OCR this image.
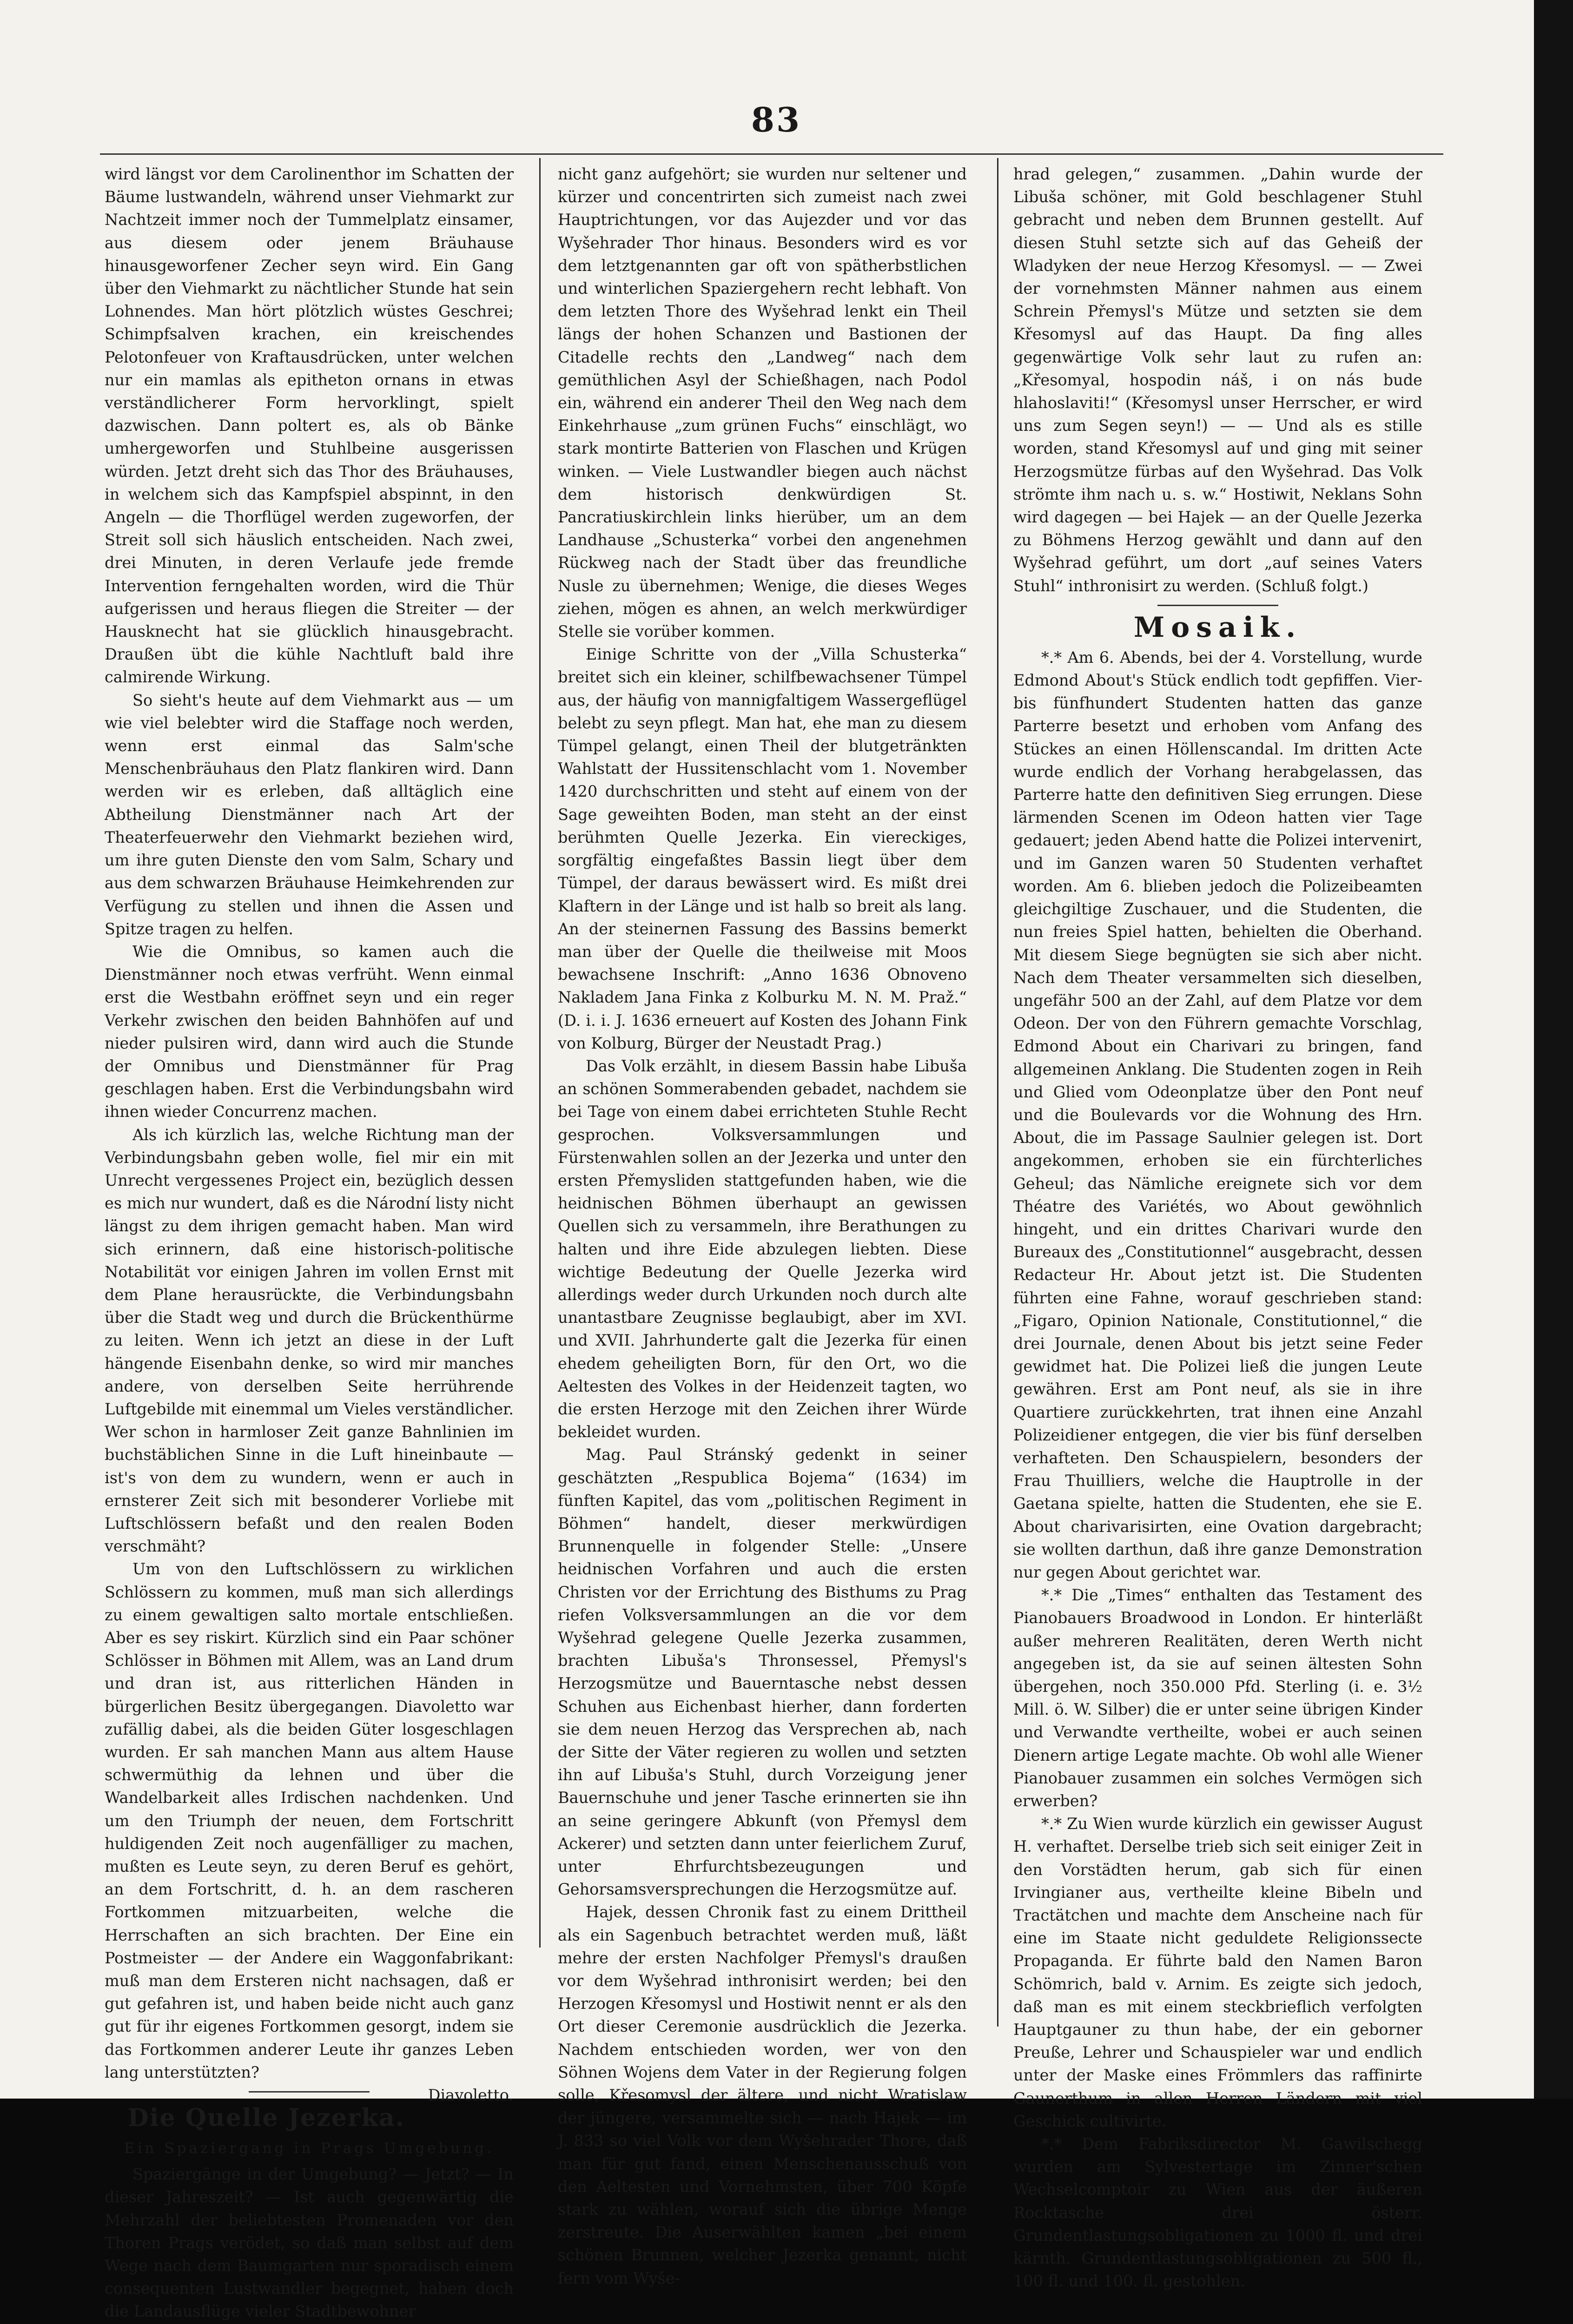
83

wird längst vor dem Carolinenthor im Schatten der Bäume lustwandeln, während unser Viehmarkt zur Nachtzeit immer noch der Tummelplatz einsamer, aus diesem oder jenem Bräuhause hinausgeworfener Zecher seyn wird. Ein Gang über den Viehmarkt zu nächtlicher Stunde hat sein Lohnendes. Man hört plötzlich wüstes Geschrei; Schimpfsalven krachen, ein kreischendes Pelotonfeuer von Kraftausdrücken, unter welchen nur ein mamlas als epitheton ornans in etwas verständlicherer Form hervorklingt, spielt dazwischen. Dann poltert es, als ob Bänke umhergeworfen und Stuhlbeine ausgerissen würden. Jetzt dreht sich das Thor des Bräuhauses, in welchem sich das Kampfspiel abspinnt, in den Angeln — die Thorflügel werden zugeworfen, der Streit soll sich häuslich entscheiden. Nach zwei, drei Minuten, in deren Verlaufe jede fremde Intervention ferngehalten worden, wird die Thür aufgerissen und heraus fliegen die Streiter — der Hausknecht hat sie glücklich hinausgebracht. Draußen übt die kühle Nachtluft bald ihre calmirende Wirkung.

So sieht's heute auf dem Viehmarkt aus — um wie viel belebter wird die Staffage noch werden, wenn erst einmal das Salm'sche Menschenbräuhaus den Platz flankiren wird. Dann werden wir es erleben, daß alltäglich eine Abtheilung Dienstmänner nach Art der Theaterfeuerwehr den Viehmarkt beziehen wird, um ihre guten Dienste den vom Salm, Schary und aus dem schwarzen Bräuhause Heimkehrenden zur Verfügung zu stellen und ihnen die Assen und Spitze tragen zu helfen.

Wie die Omnibus, so kamen auch die Dienstmänner noch etwas verfrüht. Wenn einmal erst die Westbahn eröffnet seyn und ein reger Verkehr zwischen den beiden Bahnhöfen auf und nieder pulsiren wird, dann wird auch die Stunde der Omnibus und Dienstmänner für Prag geschlagen haben. Erst die Verbindungsbahn wird ihnen wieder Concurrenz machen.

Als ich kürzlich las, welche Richtung man der Verbindungsbahn geben wolle, fiel mir ein mit Unrecht vergessenes Project ein, bezüglich dessen es mich nur wundert, daß es die Národní listy nicht längst zu dem ihrigen gemacht haben. Man wird sich erinnern, daß eine historisch-politische Notabilität vor einigen Jahren im vollen Ernst mit dem Plane herausrückte, die Verbindungsbahn über die Stadt weg und durch die Brückenthürme zu leiten. Wenn ich jetzt an diese in der Luft hängende Eisenbahn denke, so wird mir manches andere, von derselben Seite herrührende Luftgebilde mit einemmal um Vieles verständlicher. Wer schon in harmloser Zeit ganze Bahnlinien im buchstäblichen Sinne in die Luft hineinbaute — ist's von dem zu wundern, wenn er auch in ernsterer Zeit sich mit besonderer Vorliebe mit Luftschlössern befaßt und den realen Boden verschmäht?

Um von den Luftschlössern zu wirklichen Schlössern zu kommen, muß man sich allerdings zu einem gewaltigen salto mortale entschließen. Aber es sey riskirt. Kürzlich sind ein Paar schöner Schlösser in Böhmen mit Allem, was an Land drum und dran ist, aus ritterlichen Händen in bürgerlichen Besitz übergegangen. Diavoletto war zufällig dabei, als die beiden Güter losgeschlagen wurden. Er sah manchen Mann aus altem Hause schwermüthig da lehnen und über die Wandelbarkeit alles Irdischen nachdenken. Und um den Triumph der neuen, dem Fortschritt huldigenden Zeit noch augenfälliger zu machen, mußten es Leute seyn, zu deren Beruf es gehört, an dem Fortschritt, d. h. an dem rascheren Fortkommen mitzuarbeiten, welche die Herrschaften an sich brachten. Der Eine ein Postmeister — der Andere ein Waggonfabrikant: muß man dem Ersteren nicht nachsagen, daß er gut gefahren ist, und haben beide nicht auch ganz gut für ihr eigenes Fortkommen gesorgt, indem sie das Fortkommen anderer Leute ihr ganzes Leben lang unterstützten?

Diavoletto.
Die Quelle Jezerka.
Ein Spaziergang in Prags Umgebung.

Spaziergänge in der Umgebung? — Jetzt? — In dieser Jahreszeit? — Ist auch gegenwärtig die Mehrzahl der beliebtesten Promenaden vor den Thoren Prags verödet, so daß man selbst auf dem Wege nach dem Baumgarten nur sporadisch einem consequenten Lustwandler begegnet, haben doch die Landausflüge vieler Stadtbewohner

nicht ganz aufgehört; sie wurden nur seltener und kürzer und concentrirten sich zumeist nach zwei Hauptrichtungen, vor das Aujezder und vor das Wyšehrader Thor hinaus. Besonders wird es vor dem letztgenannten gar oft von spätherbstlichen und winterlichen Spaziergehern recht lebhaft. Von dem letzten Thore des Wyšehrad lenkt ein Theil längs der hohen Schanzen und Bastionen der Citadelle rechts den „Landweg“ nach dem gemüthlichen Asyl der Schießhagen, nach Podol ein, während ein anderer Theil den Weg nach dem Einkehrhause „zum grünen Fuchs“ einschlägt, wo stark montirte Batterien von Flaschen und Krügen winken. — Viele Lustwandler biegen auch nächst dem historisch denkwürdigen St. Pancratiuskirchlein links hierüber, um an dem Landhause „Schusterka“ vorbei den angenehmen Rückweg nach der Stadt über das freundliche Nusle zu übernehmen; Wenige, die dieses Weges ziehen, mögen es ahnen, an welch merkwürdiger Stelle sie vorüber kommen.

Einige Schritte von der „Villa Schusterka“ breitet sich ein kleiner, schilfbewachsener Tümpel aus, der häufig von mannigfaltigem Wassergeflügel belebt zu seyn pflegt. Man hat, ehe man zu diesem Tümpel gelangt, einen Theil der blutgetränkten Wahlstatt der Hussitenschlacht vom 1. November 1420 durchschritten und steht auf einem von der Sage geweihten Boden, man steht an der einst berühmten Quelle Jezerka. Ein viereckiges, sorgfältig eingefaßtes Bassin liegt über dem Tümpel, der daraus bewässert wird. Es mißt drei Klaftern in der Länge und ist halb so breit als lang. An der steinernen Fassung des Bassins bemerkt man über der Quelle die theilweise mit Moos bewachsene Inschrift: „Anno 1636 Obnoveno Nakladem Jana Finka z Kolburku M. N. M. Praž.“ (D. i. i. J. 1636 erneuert auf Kosten des Johann Fink von Kolburg, Bürger der Neustadt Prag.)

Das Volk erzählt, in diesem Bassin habe Libuša an schönen Sommerabenden gebadet, nachdem sie bei Tage von einem dabei errichteten Stuhle Recht gesprochen. Volksversammlungen und Fürstenwahlen sollen an der Jezerka und unter den ersten Přemysliden stattgefunden haben, wie die heidnischen Böhmen überhaupt an gewissen Quellen sich zu versammeln, ihre Berathungen zu halten und ihre Eide abzulegen liebten. Diese wichtige Bedeutung der Quelle Jezerka wird allerdings weder durch Urkunden noch durch alte unantastbare Zeugnisse beglaubigt, aber im XVI. und XVII. Jahrhunderte galt die Jezerka für einen ehedem geheiligten Born, für den Ort, wo die Aeltesten des Volkes in der Heidenzeit tagten, wo die ersten Herzoge mit den Zeichen ihrer Würde bekleidet wurden.

Mag. Paul Stránský gedenkt in seiner geschätzten „Respublica Bojema“ (1634) im fünften Kapitel, das vom „politischen Regiment in Böhmen“ handelt, dieser merkwürdigen Brunnenquelle in folgender Stelle: „Unsere heidnischen Vorfahren und auch die ersten Christen vor der Errichtung des Bisthums zu Prag riefen Volksversammlungen an die vor dem Wyšehrad gelegene Quelle Jezerka zusammen, brachten Libuša's Thronsessel, Přemysl's Herzogsmütze und Bauerntasche nebst dessen Schuhen aus Eichenbast hierher, dann forderten sie dem neuen Herzog das Versprechen ab, nach der Sitte der Väter regieren zu wollen und setzten ihn auf Libuša's Stuhl, durch Vorzeigung jener Bauernschuhe und jener Tasche erinnerten sie ihn an seine geringere Abkunft (von Přemysl dem Ackerer) und setzten dann unter feierlichem Zuruf, unter Ehrfurchtsbezeugungen und Gehorsamsversprechungen die Herzogsmütze auf.

Hajek, dessen Chronik fast zu einem Drittheil als ein Sagenbuch betrachtet werden muß, läßt mehre der ersten Nachfolger Přemysl's draußen vor dem Wyšehrad inthronisirt werden; bei den Herzogen Křesomysl und Hostiwit nennt er als den Ort dieser Ceremonie ausdrücklich die Jezerka. Nachdem entschieden worden, wer von den Söhnen Wojens dem Vater in der Regierung folgen solle, Křesomysl der ältere, und nicht Wratislaw der jüngere, versammelte sich — nach Hajek — im J. 833 so viel Volk vor dem Wyšehrader Thore, daß man für gut fand, einen Menschenausschuß von den Aeltesten und Vornehmsten, über 700 Köpfe stark zu wählen, worauf sich die übrige Menge zerstreute. Die Auserwählten kamen „bei einem schönen Brunnen, welcher Jezerka genannt, nicht fern vom Wyše-

hrad gelegen,“ zusammen. „Dahin wurde der Libuša schöner, mit Gold beschlagener Stuhl gebracht und neben dem Brunnen gestellt. Auf diesen Stuhl setzte sich auf das Geheiß der Wladyken der neue Herzog Křesomysl. — — Zwei der vornehmsten Männer nahmen aus einem Schrein Přemysl's Mütze und setzten sie dem Křesomysl auf das Haupt. Da fing alles gegenwärtige Volk sehr laut zu rufen an: „Křesomyal, hospodin náš, i on nás bude hlahoslaviti!“ (Křesomysl unser Herrscher, er wird uns zum Segen seyn!) — — Und als es stille worden, stand Křesomysl auf und ging mit seiner Herzogsmütze fürbas auf den Wyšehrad. Das Volk strömte ihm nach u. s. w.“ Hostiwit, Neklans Sohn wird dagegen — bei Hajek — an der Quelle Jezerka zu Böhmens Herzog gewählt und dann auf den Wyšehrad geführt, um dort „auf seines Vaters Stuhl“ inthronisirt zu werden. (Schluß folgt.)

Mosaik.

*.* Am 6. Abends, bei der 4. Vorstellung, wurde Edmond About's Stück endlich todt gepfiffen. Vier- bis fünfhundert Studenten hatten das ganze Parterre besetzt und erhoben vom Anfang des Stückes an einen Höllenscandal. Im dritten Acte wurde endlich der Vorhang herabgelassen, das Parterre hatte den definitiven Sieg errungen. Diese lärmenden Scenen im Odeon hatten vier Tage gedauert; jeden Abend hatte die Polizei intervenirt, und im Ganzen waren 50 Studenten verhaftet worden. Am 6. blieben jedoch die Polizeibeamten gleichgiltige Zuschauer, und die Studenten, die nun freies Spiel hatten, behielten die Oberhand. Mit diesem Siege begnügten sie sich aber nicht. Nach dem Theater versammelten sich dieselben, ungefähr 500 an der Zahl, auf dem Platze vor dem Odeon. Der von den Führern gemachte Vorschlag, Edmond About ein Charivari zu bringen, fand allgemeinen Anklang. Die Studenten zogen in Reih und Glied vom Odeonplatze über den Pont neuf und die Boulevards vor die Wohnung des Hrn. About, die im Passage Saulnier gelegen ist. Dort angekommen, erhoben sie ein fürchterliches Geheul; das Nämliche ereignete sich vor dem Théatre des Variétés, wo About gewöhnlich hingeht, und ein drittes Charivari wurde den Bureaux des „Constitutionnel“ ausgebracht, dessen Redacteur Hr. About jetzt ist. Die Studenten führten eine Fahne, worauf geschrieben stand: „Figaro, Opinion Nationale, Constitutionnel,“ die drei Journale, denen About bis jetzt seine Feder gewidmet hat. Die Polizei ließ die jungen Leute gewähren. Erst am Pont neuf, als sie in ihre Quartiere zurückkehrten, trat ihnen eine Anzahl Polizeidiener entgegen, die vier bis fünf derselben verhafteten. Den Schauspielern, besonders der Frau Thuilliers, welche die Hauptrolle in der Gaetana spielte, hatten die Studenten, ehe sie E. About charivarisirten, eine Ovation dargebracht; sie wollten darthun, daß ihre ganze Demonstration nur gegen About gerichtet war.

*.* Die „Times“ enthalten das Testament des Pianobauers Broadwood in London. Er hinterläßt außer mehreren Realitäten, deren Werth nicht angegeben ist, da sie auf seinen ältesten Sohn übergehen, noch 350.000 Pfd. Sterling (i. e. 3½ Mill. ö. W. Silber) die er unter seine übrigen Kinder und Verwandte vertheilte, wobei er auch seinen Dienern artige Legate machte. Ob wohl alle Wiener Pianobauer zusammen ein solches Vermögen sich erwerben?

*.* Zu Wien wurde kürzlich ein gewisser August H. verhaftet. Derselbe trieb sich seit einiger Zeit in den Vorstädten herum, gab sich für einen Irvingianer aus, vertheilte kleine Bibeln und Tractätchen und machte dem Anscheine nach für eine im Staate nicht geduldete Religionssecte Propaganda. Er führte bald den Namen Baron Schömrich, bald v. Arnim. Es zeigte sich jedoch, daß man es mit einem steckbrieflich verfolgten Hauptgauner zu thun habe, der ein geborner Preuße, Lehrer und Schauspieler war und endlich unter der Maske eines Frömmlers das raffinirte Gaunerthum in allen Herren Ländern mit viel Geschick cultivirte.

*.* Dem Fabriksdirector M. Gawilschegg wurden am Sylvestertage im Zinner'schen Wechselcomptoir zu Wien aus der äußeren Rocktasche drei österr. Grundentlastungsobligationen zu 1000 fl. und drei kärnth. Grundentlastungsobligationen zu 500 fl., 100 fl. und 100. fl. gestohlen.
